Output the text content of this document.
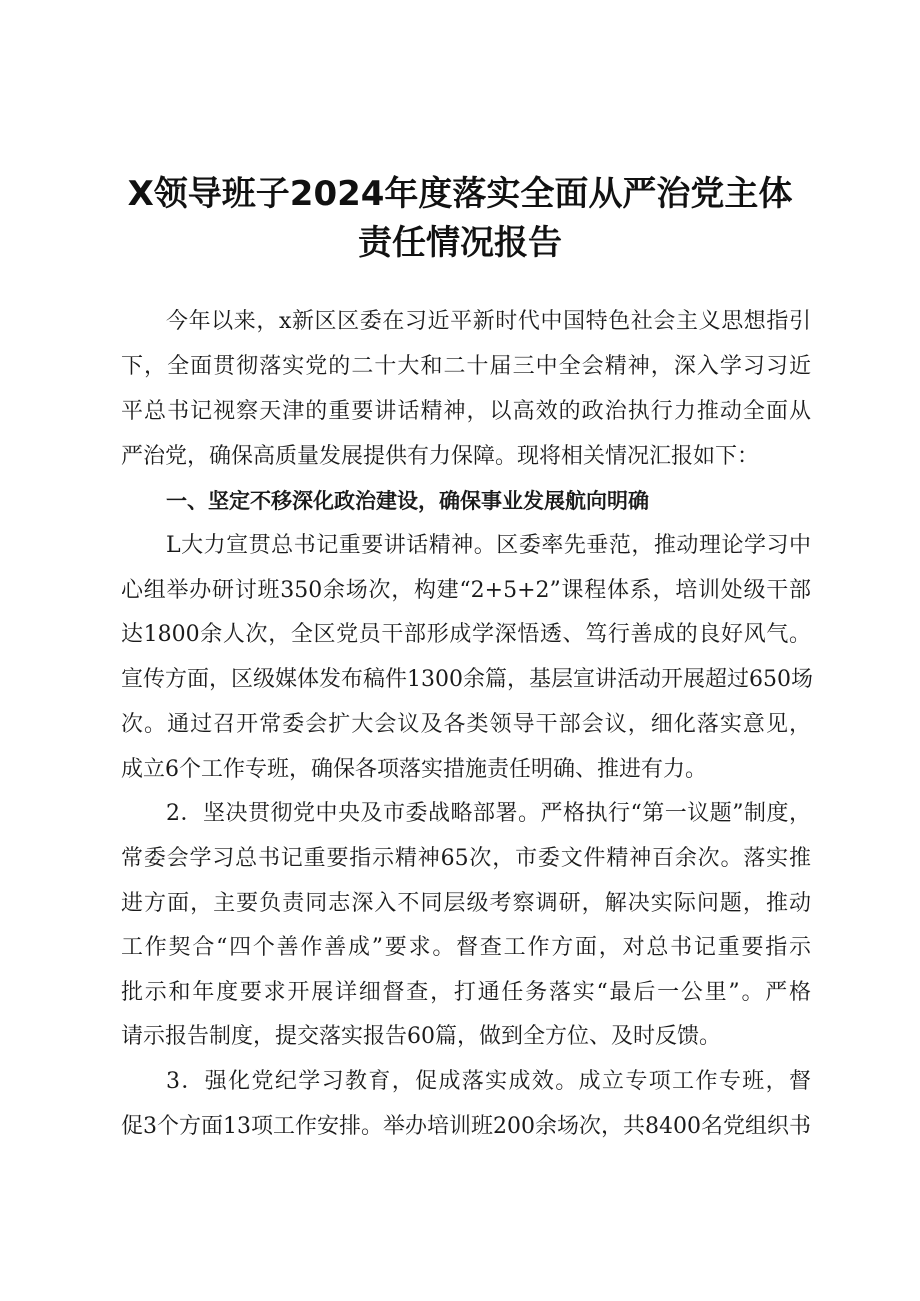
X领导班子2024年度落实全面从严治党主体
责任情况报告
今年以来，x新区区委在习近平新时代中国特色社会主义思想指引
下，全面贯彻落实党的二十大和二十届三中全会精神，深入学习习近
平总书记视察天津的重要讲话精神，以高效的政治执行力推动全面从
严治党，确保高质量发展提供有力保障。现将相关情况汇报如下：
一、坚定不移深化政治建设，确保事业发展航向明确
L大力宣贯总书记重要讲话精神。区委率先垂范，推动理论学习中
心组举办研讨班350余场次，构建“2+5+2”课程体系，培训处级干部
达1800余人次，全区党员干部形成学深悟透、笃行善成的良好风气。
宣传方面，区级媒体发布稿件1300余篇，基层宣讲活动开展超过650场
次。通过召开常委会扩大会议及各类领导干部会议，细化落实意见，
成立6个工作专班，确保各项落实措施责任明确、推进有力。
2．坚决贯彻党中央及市委战略部署。严格执行“第一议题”制度，
常委会学习总书记重要指示精神65次，市委文件精神百余次。落实推
进方面，主要负责同志深入不同层级考察调研，解决实际问题，推动
工作契合“四个善作善成”要求。督查工作方面，对总书记重要指示
批示和年度要求开展详细督查，打通任务落实“最后一公里”。严格
请示报告制度，提交落实报告60篇，做到全方位、及时反馈。
3．强化党纪学习教育，促成落实成效。成立专项工作专班，督
促3个方面13项工作安排。举办培训班200余场次，共8400名党组织书
